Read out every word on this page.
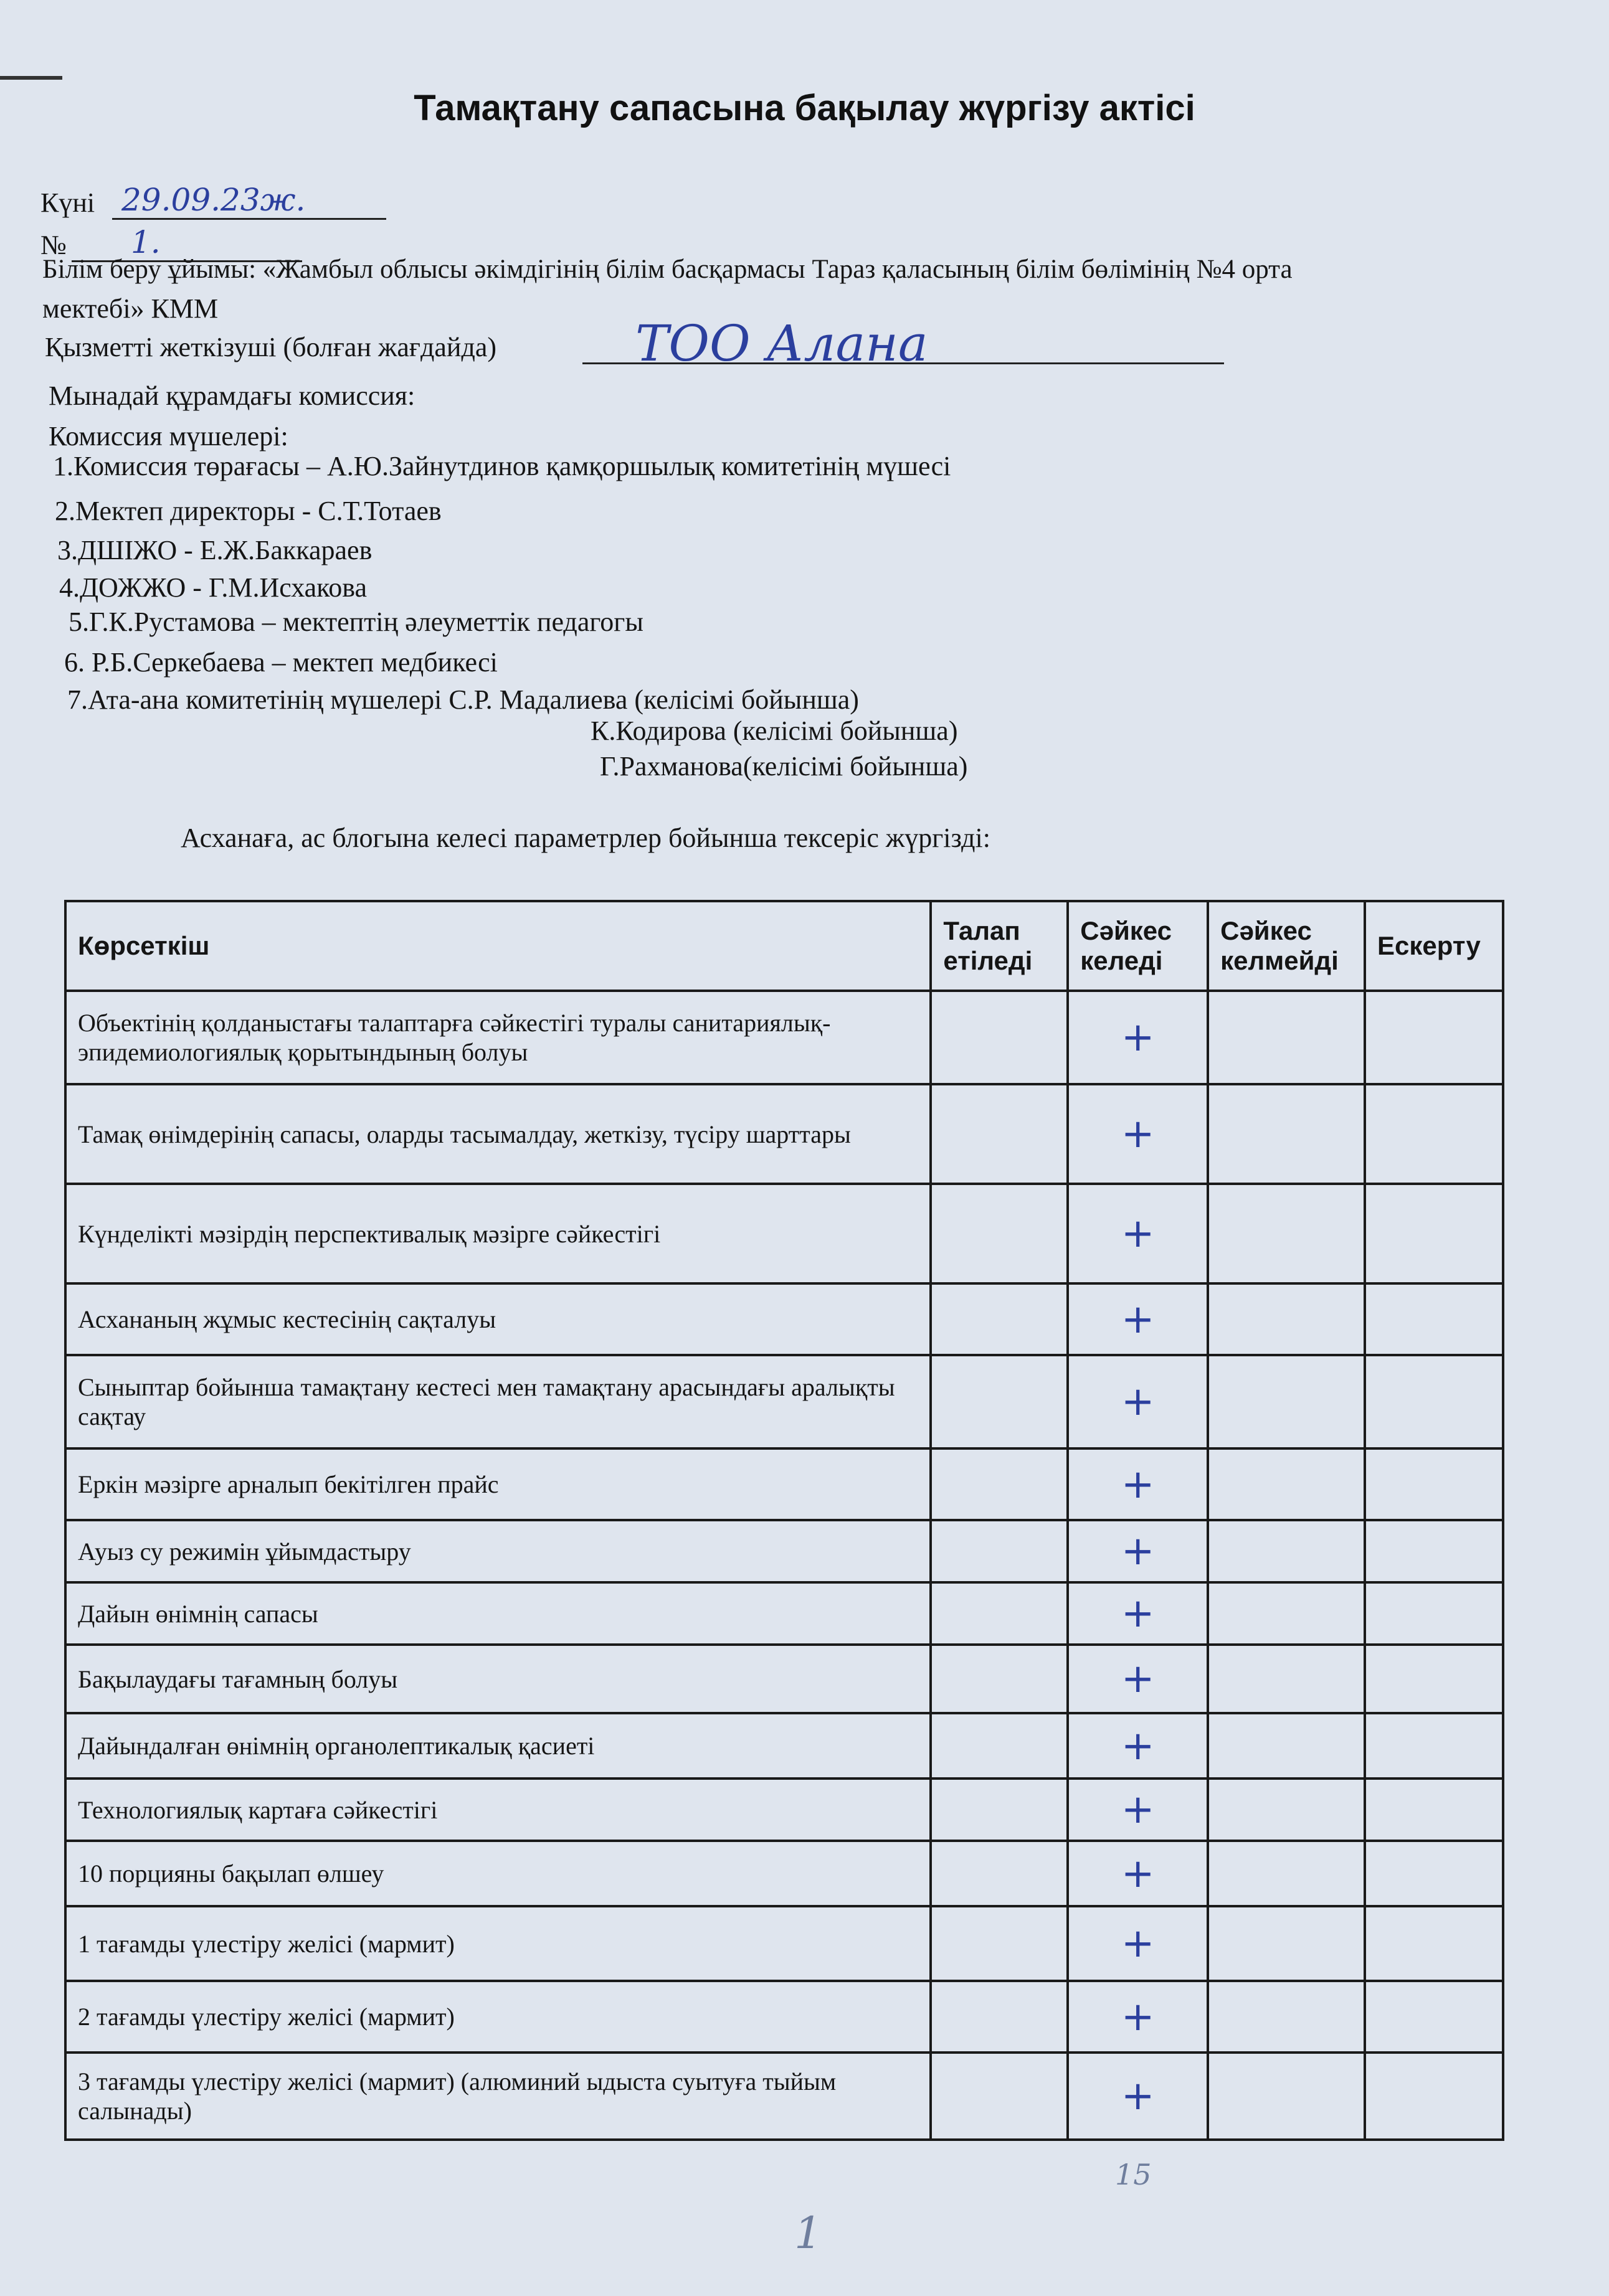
Тамақтану сапасына бақылау жүргізу актісі
Күні 29.09.23ж.
№ 1.
Білім беру ұйымы: «Жамбыл облысы әкімдігінің білім басқармасы Тараз қаласының білім бөлімінің №4 орта
мектебі» КММ
Қызметті жеткізуші (болған жағдайда)	ТОО Алана
Мынадай құрамдағы комиссия:
Комиссия мүшелері:
1.Комиссия төрағасы – А.Ю.Зайнутдинов қамқоршылық комитетінің мүшесі
2.Мектеп директоры - С.Т.Тотаев
3.ДШІЖО - Е.Ж.Баккараев
4.ДОЖЖО - Г.М.Исхакова
5.Г.К.Рустамова – мектептің әлеуметтік педагогы
6. Р.Б.Серкебаева – мектеп медбикесі
7.Ата-ана комитетінің мүшелері С.Р. Мадалиева (келісімі бойынша)
К.Кодирова (келісімі бойынша)
Г.Рахманова(келісімі бойынша)
Асханаға, ас блогына келесі параметрлер бойынша тексеріс жүргізді:
Көрсеткіш	Талап етіледі	Сәйкес келеді	Сәйкес келмейді	Ескерту
Объектінің қолданыстағы талаптарға сәйкестігі туралы санитариялық-эпидемиологиялық қорытындының болуы		+		
Тамақ өнімдерінің сапасы, оларды тасымалдау, жеткізу, түсіру шарттары		+		
Күнделікті мәзірдің перспективалық мәзірге сәйкестігі		+		
Асхананың жұмыс кестесінің сақталуы		+		
Сыныптар бойынша тамақтану кестесі мен тамақтану арасындағы аралықты сақтау		+		
Еркін мәзірге арналып бекітілген прайс		+		
Ауыз су режимін ұйымдастыру		+		
Дайын өнімнің сапасы		+		
Бақылаудағы тағамның болуы		+		
Дайындалған өнімнің органолептикалық қасиеті		+		
Технологиялық картаға сәйкестігі		+		
10 порцияны бақылап өлшеу		+		
1 тағамды үлестіру желісі (мармит)		+		
2 тағамды үлестіру желісі (мармит)		+		
3 тағамды үлестіру желісі (мармит) (алюминий ыдыста суытуға тыйым салынады)		+		
15
1
